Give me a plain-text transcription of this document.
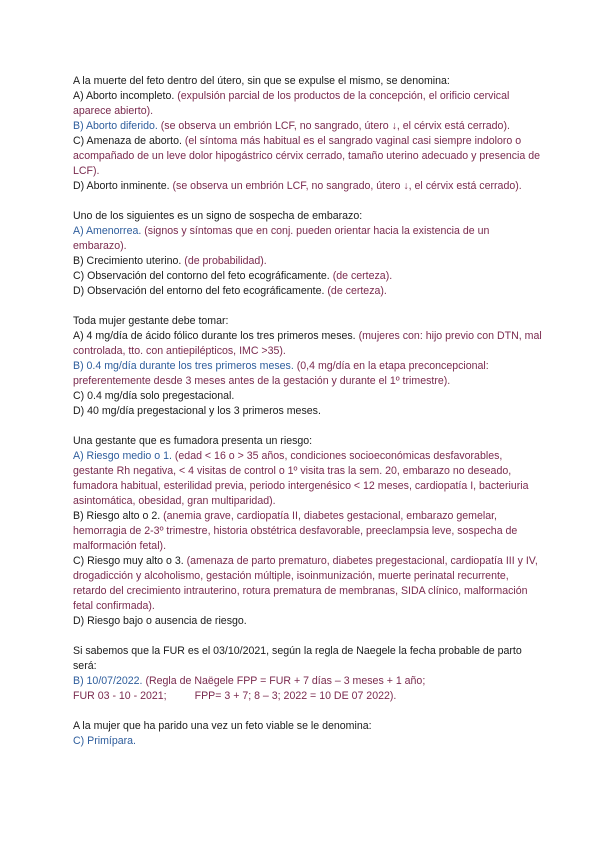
A la muerte del feto dentro del útero, sin que se expulse el mismo, se denomina:

A) Aborto incompleto. (expulsión parcial de los productos de la concepción, el orificio cervical aparece abierto).

B) Aborto diferido. (se observa un embrión LCF, no sangrado, útero ↓, el cérvix está cerrado).

C) Amenaza de aborto. (el síntoma más habitual es el sangrado vaginal casi siempre indoloro o acompañado de un leve dolor hipogástrico cérvix cerrado, tamaño uterino adecuado y presencia de LCF).

D) Aborto inminente. (se observa un embrión LCF, no sangrado, útero ↓, el cérvix está cerrado).

Uno de los siguientes es un signo de sospecha de embarazo:

A) Amenorrea. (signos y síntomas que en conj. pueden orientar hacia la existencia de un embarazo).

B) Crecimiento uterino. (de probabilidad).

C) Observación del contorno del feto ecográficamente. (de certeza).

D) Observación del entorno del feto ecográficamente. (de certeza).

Toda mujer gestante debe tomar:

A) 4 mg/día de ácido fólico durante los tres primeros meses. (mujeres con: hijo previo con DTN, mal controlada, tto. con antiepilépticos, IMC >35).

B) 0.4 mg/día durante los tres primeros meses. (0,4 mg/día en la etapa preconcepcional: preferentemente desde 3 meses antes de la gestación y durante el 1º trimestre).

C) 0.4 mg/día solo pregestacional.

D) 40 mg/día pregestacional y los 3 primeros meses.

Una gestante que es fumadora presenta un riesgo:

A) Riesgo medio o 1. (edad < 16 o > 35 años, condiciones socioeconómicas desfavorables, gestante Rh negativa, < 4 visitas de control o 1º visita tras la sem. 20, embarazo no deseado, fumadora habitual, esterilidad previa, periodo intergenésico < 12 meses, cardiopatía I, bacteriuria asintomática, obesidad, gran multiparidad).

B) Riesgo alto o 2. (anemia grave, cardiopatía II, diabetes gestacional, embarazo gemelar, hemorragia de 2-3º trimestre, historia obstétrica desfavorable, preeclampsia leve, sospecha de malformación fetal).

C) Riesgo muy alto o 3. (amenaza de parto prematuro, diabetes pregestacional, cardiopatía III y IV, drogadicción y alcoholismo, gestación múltiple, isoinmunización, muerte perinatal recurrente, retardo del crecimiento intrauterino, rotura prematura de membranas, SIDA clínico, malformación fetal confirmada).

D) Riesgo bajo o ausencia de riesgo.

Si sabemos que la FUR es el 03/10/2021, según la regla de Naegele la fecha probable de parto será:

B) 10/07/2022. (Regla de Naëgele FPP = FUR + 7 días – 3 meses + 1 año;

FUR 03 - 10 - 2021;	FPP= 3 + 7; 8 – 3; 2022 = 10 DE 07 2022).

A la mujer que ha parido una vez un feto viable se le denomina:

C) Primípara.
